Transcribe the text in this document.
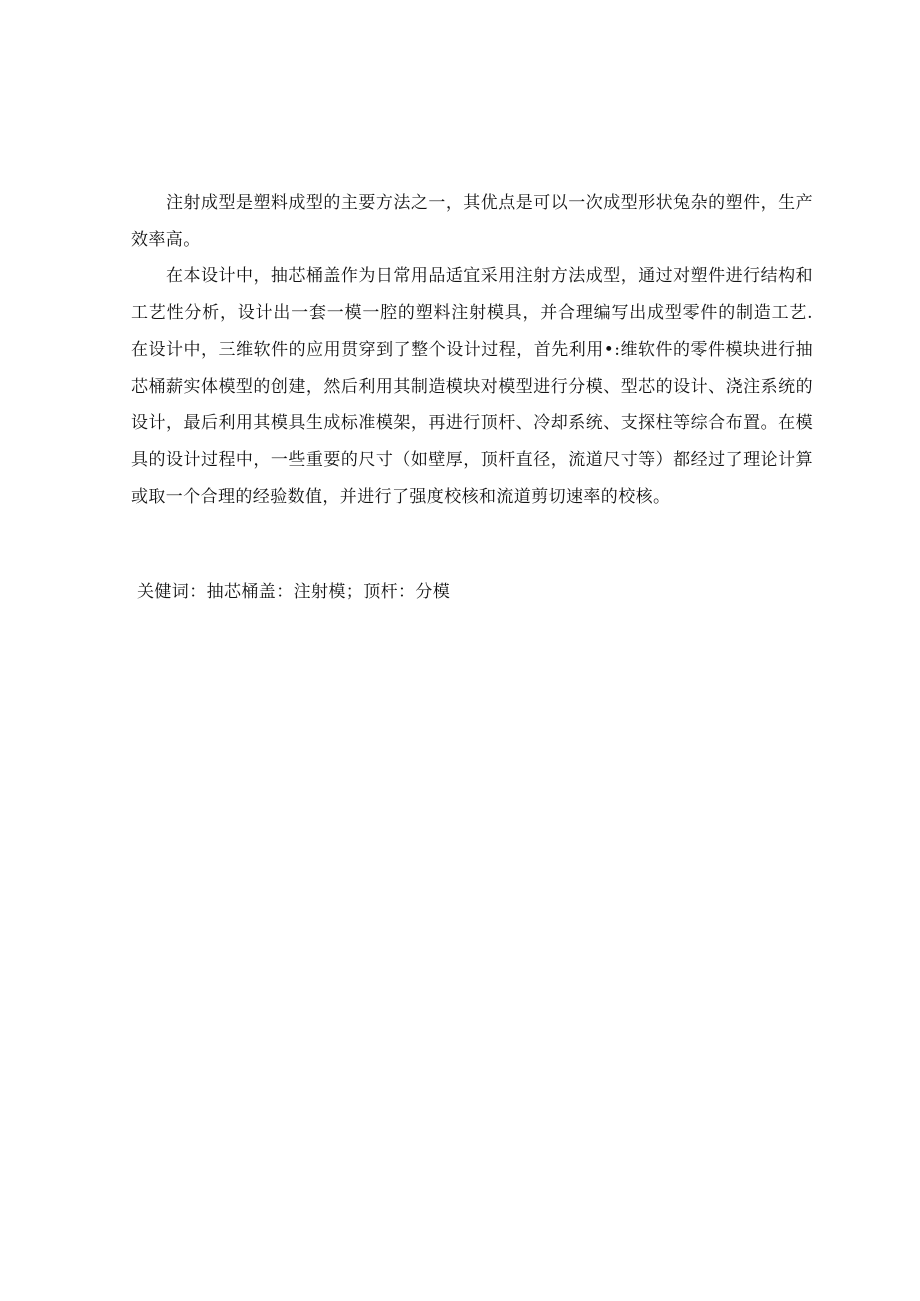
注射成型是塑料成型的主要方法之一，其优点是可以一次成型形状兔杂的塑件，生产效率高。

在本设计中，抽芯桶盖作为日常用品适宜采用注射方法成型，通过对塑件进行结构和工艺性分析，设计出一套一模一腔的塑料注射模具，并合理编写出成型零件的制造工艺.在设计中，三维软件的应用贯穿到了整个设计过程，首先利用•:维软件的零件模块进行抽芯桶薪实体模型的创建，然后利用其制造模块对模型进行分模、型芯的设计、浇注系统的设计，最后利用其模具生成标准模架，再进行顶杆、冷却系统、支探柱等综合布置。在模具的设计过程中，一些重要的尺寸（如壁厚，顶杆直径，流道尺寸等）都经过了理论计算或取一个合理的经验数值，并进行了强度校核和流道剪切速率的校核。

关健词：抽芯桶盖：注射模；顶杆：分模
